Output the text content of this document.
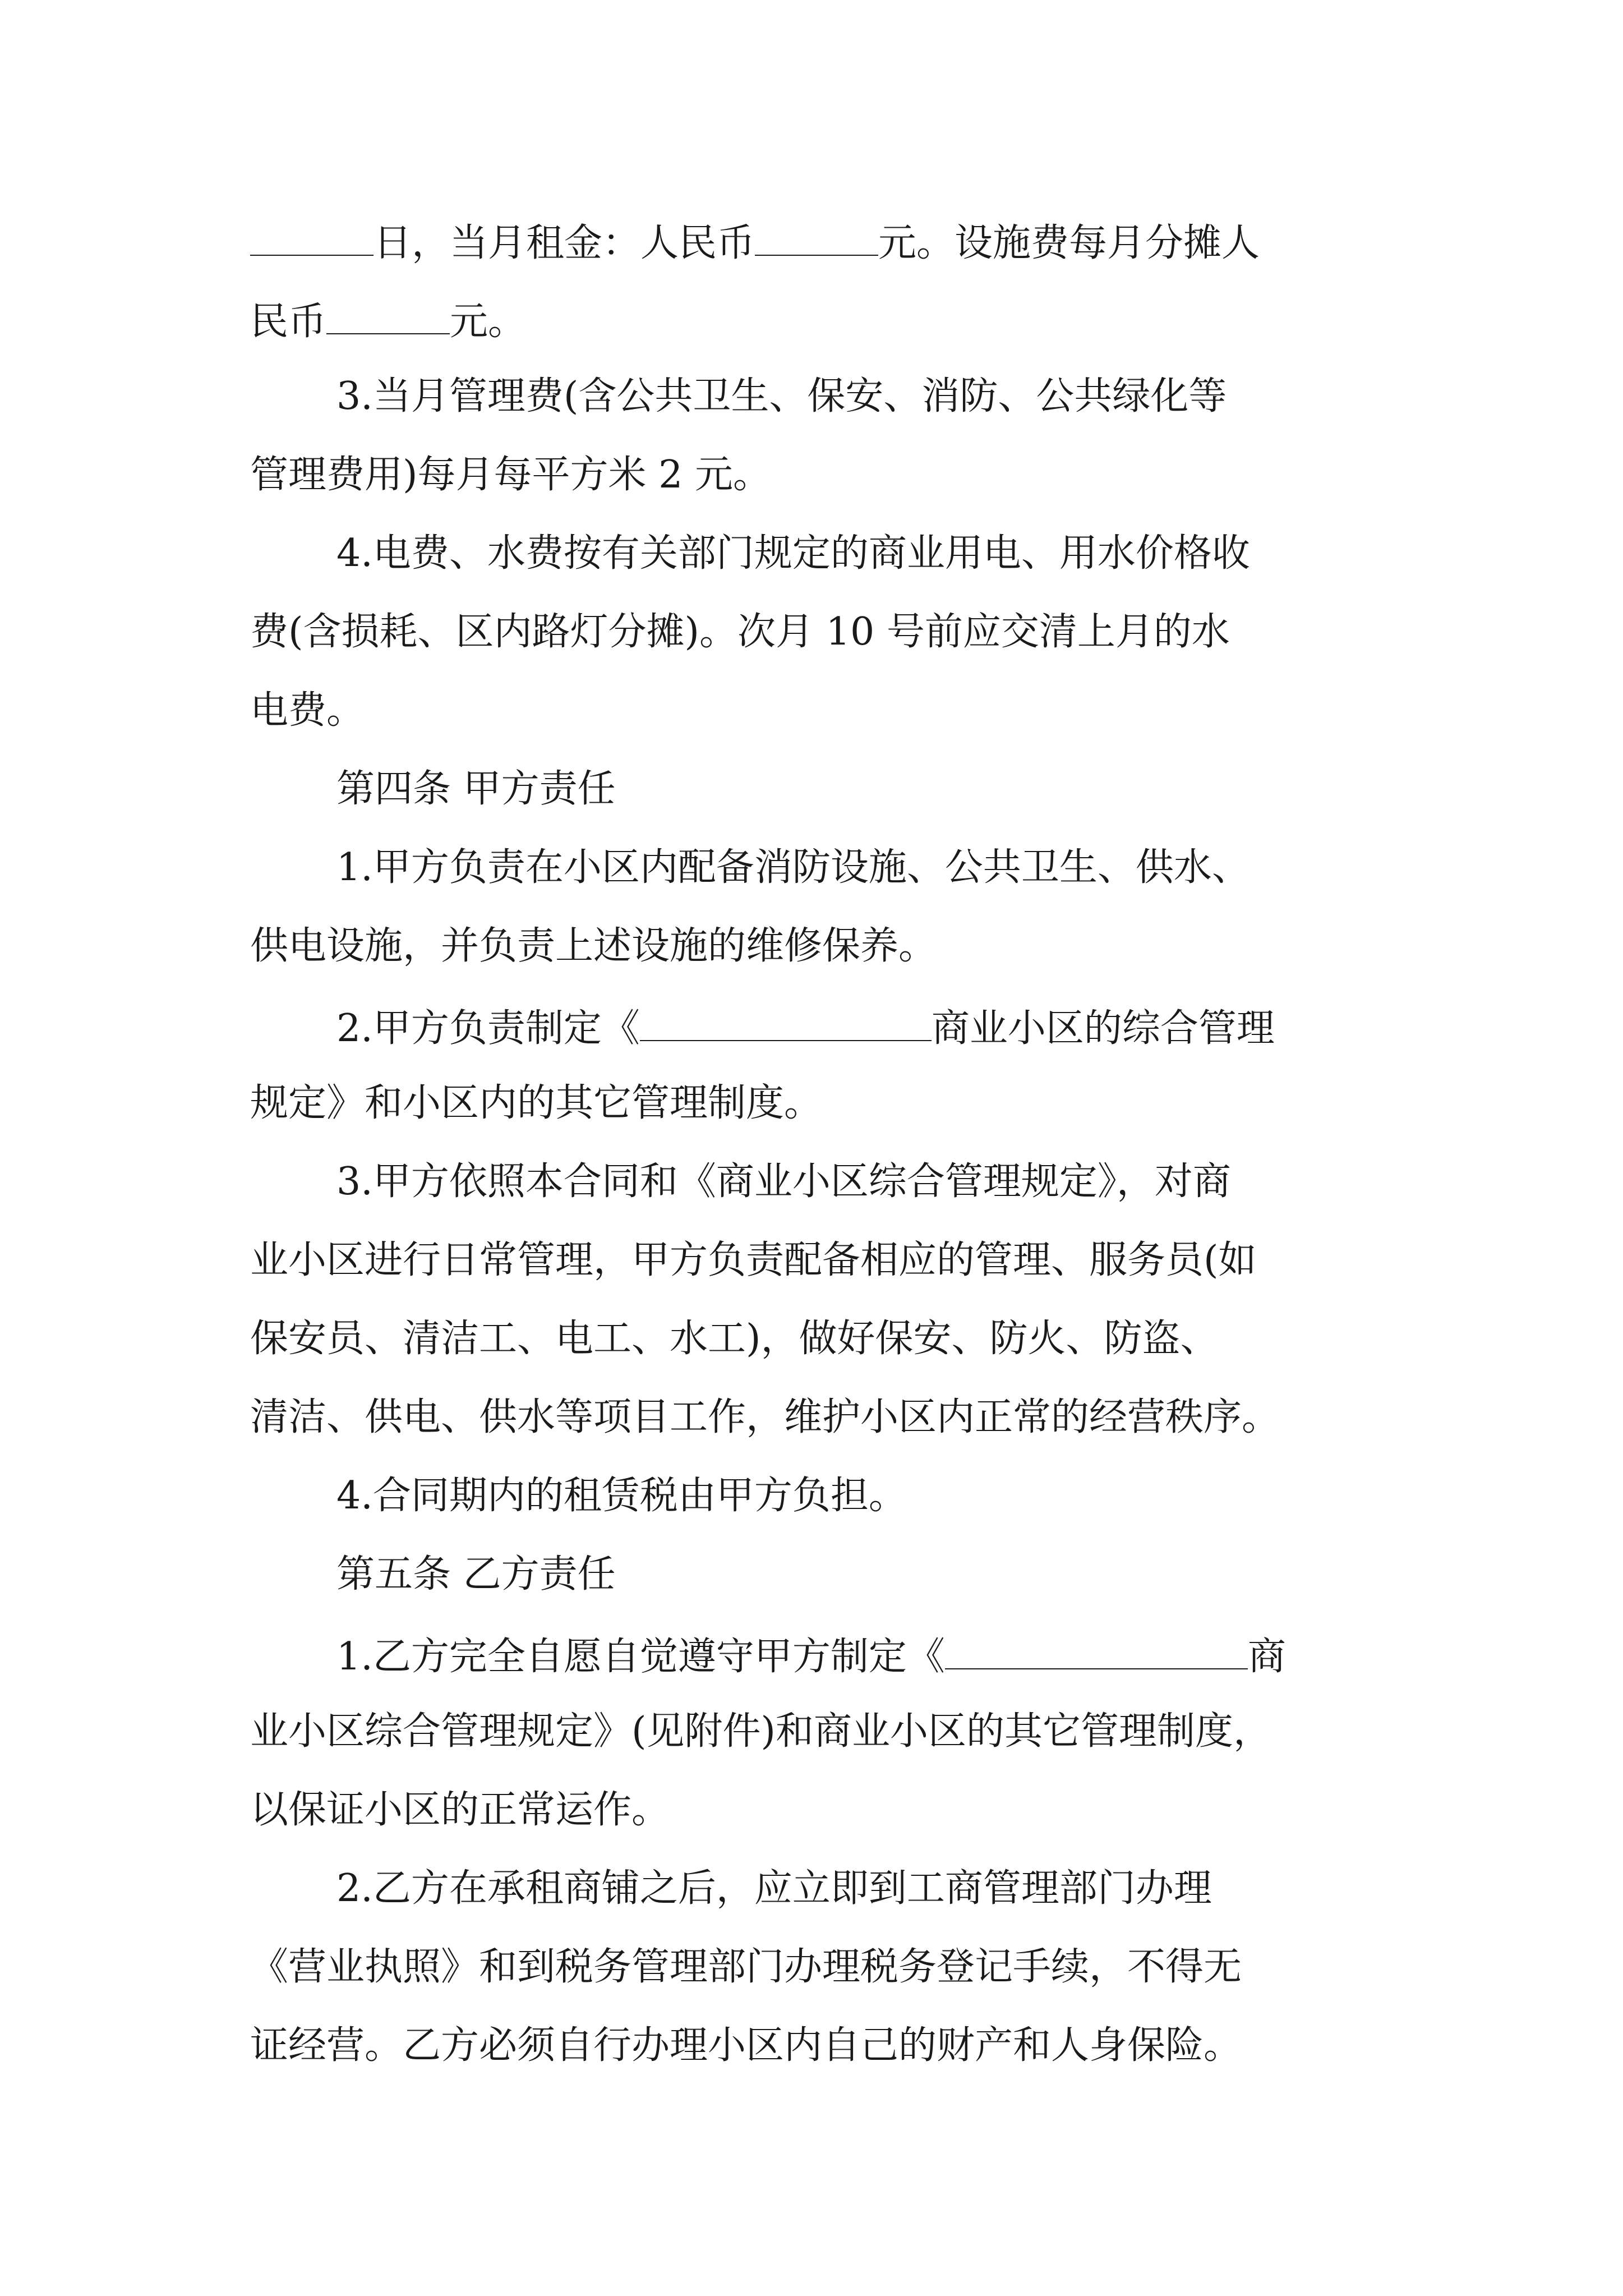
日，当月租金：人民币	元。设施费每月分摊人
民币	元。
3.当月管理费(含公共卫生、保安、消防、公共绿化等
管理费用)每月每平方米 2 元。
4.电费、水费按有关部门规定的商业用电、用水价格收
费(含损耗、区内路灯分摊)。次月 10 号前应交清上月的水
电费。
第四条 甲方责任
1.甲方负责在小区内配备消防设施、公共卫生、供水、
供电设施，并负责上述设施的维修保养。
2.甲方负责制定《	商业小区的综合管理
规定》和小区内的其它管理制度。
3.甲方依照本合同和《商业小区综合管理规定》，对商
业小区进行日常管理，甲方负责配备相应的管理、服务员(如
保安员、清洁工、电工、水工)，做好保安、防火、防盗、
清洁、供电、供水等项目工作，维护小区内正常的经营秩序。
4.合同期内的租赁税由甲方负担。
第五条 乙方责任
1.乙方完全自愿自觉遵守甲方制定《	商
业小区综合管理规定》(见附件)和商业小区的其它管理制度，
以保证小区的正常运作。
2.乙方在承租商铺之后，应立即到工商管理部门办理
《营业执照》和到税务管理部门办理税务登记手续，不得无
证经营。乙方必须自行办理小区内自己的财产和人身保险。
